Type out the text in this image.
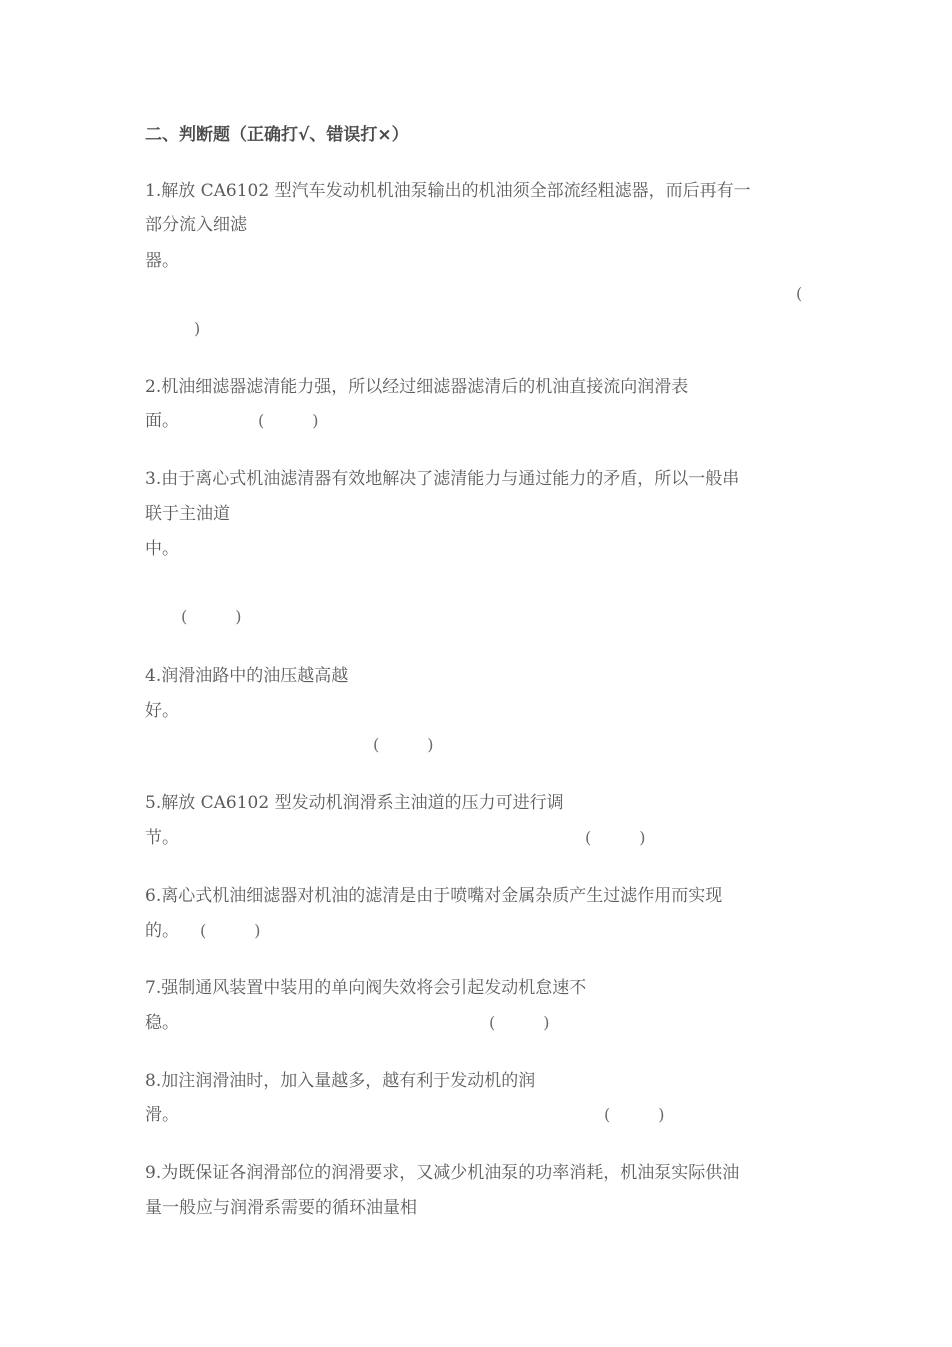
二、判断题（正确打√、错误打×）
1.解放 CA6102 型汽车发动机机油泵输出的机油须全部流经粗滤器，而后再有一
部分流入细滤
器。
(
)
2.机油细滤器滤清能力强，所以经过细滤器滤清后的机油直接流向润滑表
面。	(　　　)
3.由于离心式机油滤清器有效地解决了滤清能力与通过能力的矛盾，所以一般串
联于主油道
中。
(　　　)
4.润滑油路中的油压越高越
好。
(　　　)
5.解放 CA6102 型发动机润滑系主油道的压力可进行调
节。	(　　　)
6.离心式机油细滤器对机油的滤清是由于喷嘴对金属杂质产生过滤作用而实现
的。 (　　　)
7.强制通风装置中装用的单向阀失效将会引起发动机怠速不
稳。	(　　　)
8.加注润滑油时，加入量越多，越有利于发动机的润
滑。	(　　　)
9.为既保证各润滑部位的润滑要求，又减少机油泵的功率消耗，机油泵实际供油
量一般应与润滑系需要的循环油量相
